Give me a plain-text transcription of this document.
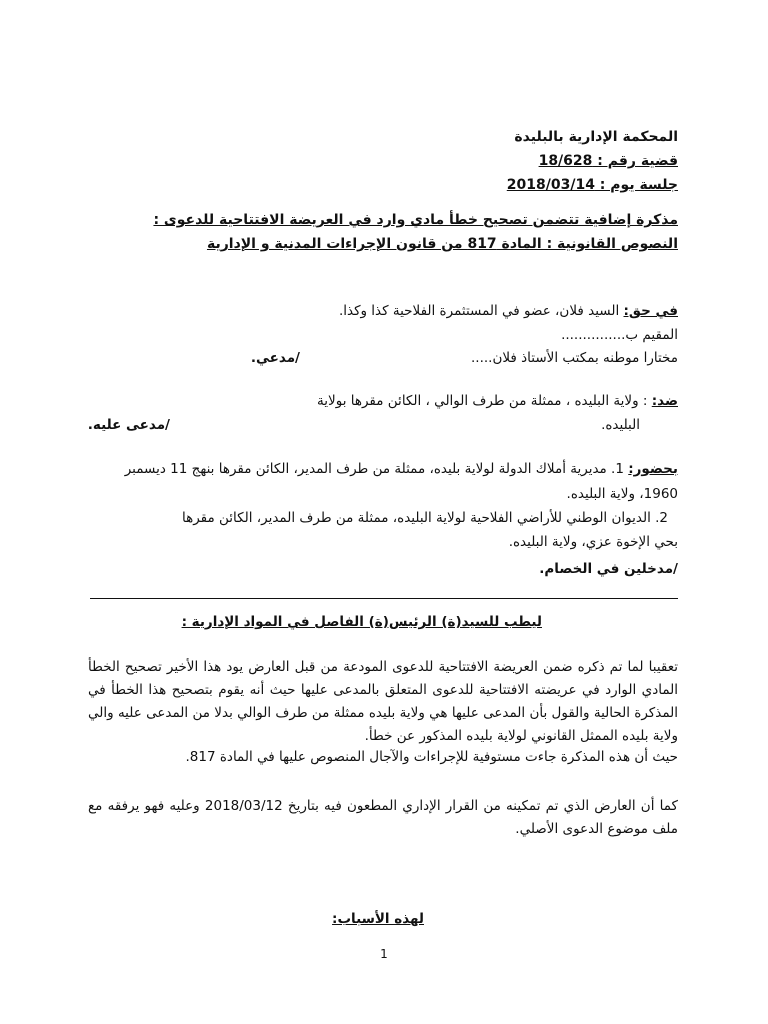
المحكمة الإدارية بالبليدة
قضية رقم : 18/628
جلسة يوم : 2018/03/14
مذكرة إضافية تتضمن تصحيح خطأ مادي وارد في العريضة الافتتاحية للدعوى :
النصوص القانونية : المادة 817 من قانون الإجراءات المدنية و الإدارية
في حق: السيد فلان، عضو في المستثمرة الفلاحية كذا وكذا.
المقيم ب...............
مختارا موطنه بمكتب الأستاذ فلان.....
/مدعي.
ضد: : ولاية البليده ، ممثلة من طرف الوالي ، الكائن مقرها بولاية
البليده.
/مدعى عليه.
بحضور: 1. مديرية أملاك الدولة لولاية بليده، ممثلة من طرف المدير، الكائن مقرها بنهج 11 ديسمبر
1960، ولاية البليده.
2. الديوان الوطني للأراضي الفلاحية لولاية البليده، ممثلة من طرف المدير، الكائن مقرها
بحي الإخوة عزي، ولاية البليده.
/مدخلين في الخصام.
ليطب للسيد(ة) الرئيس(ة) الفاصل في المواد الإدارية :
تعقيبا لما تم ذكره ضمن العريضة الافتتاحية للدعوى المودعة من قبل العارض يود هذا الأخير تصحيح الخطأ المادي الوارد في عريضته الافتتاحية للدعوى المتعلق بالمدعى عليها حيث أنه يقوم بتصحيح هذا الخطأ في المذكرة الحالية والقول بأن المدعى عليها هي ولاية بليده ممثلة من طرف الوالي بدلا من المدعى عليه والي ولاية بليده الممثل القانوني لولاية بليده المذكور عن خطأ.
حيث أن هذه المذكرة جاءت مستوفية للإجراءات والآجال المنصوص عليها في المادة 817.
كما أن العارض الذي تم تمكينه من القرار الإداري المطعون فيه بتاريخ 2018/03/12 وعليه فهو يرفقه مع ملف موضوع الدعوى الأصلي.
لهذه الأسباب:
1
